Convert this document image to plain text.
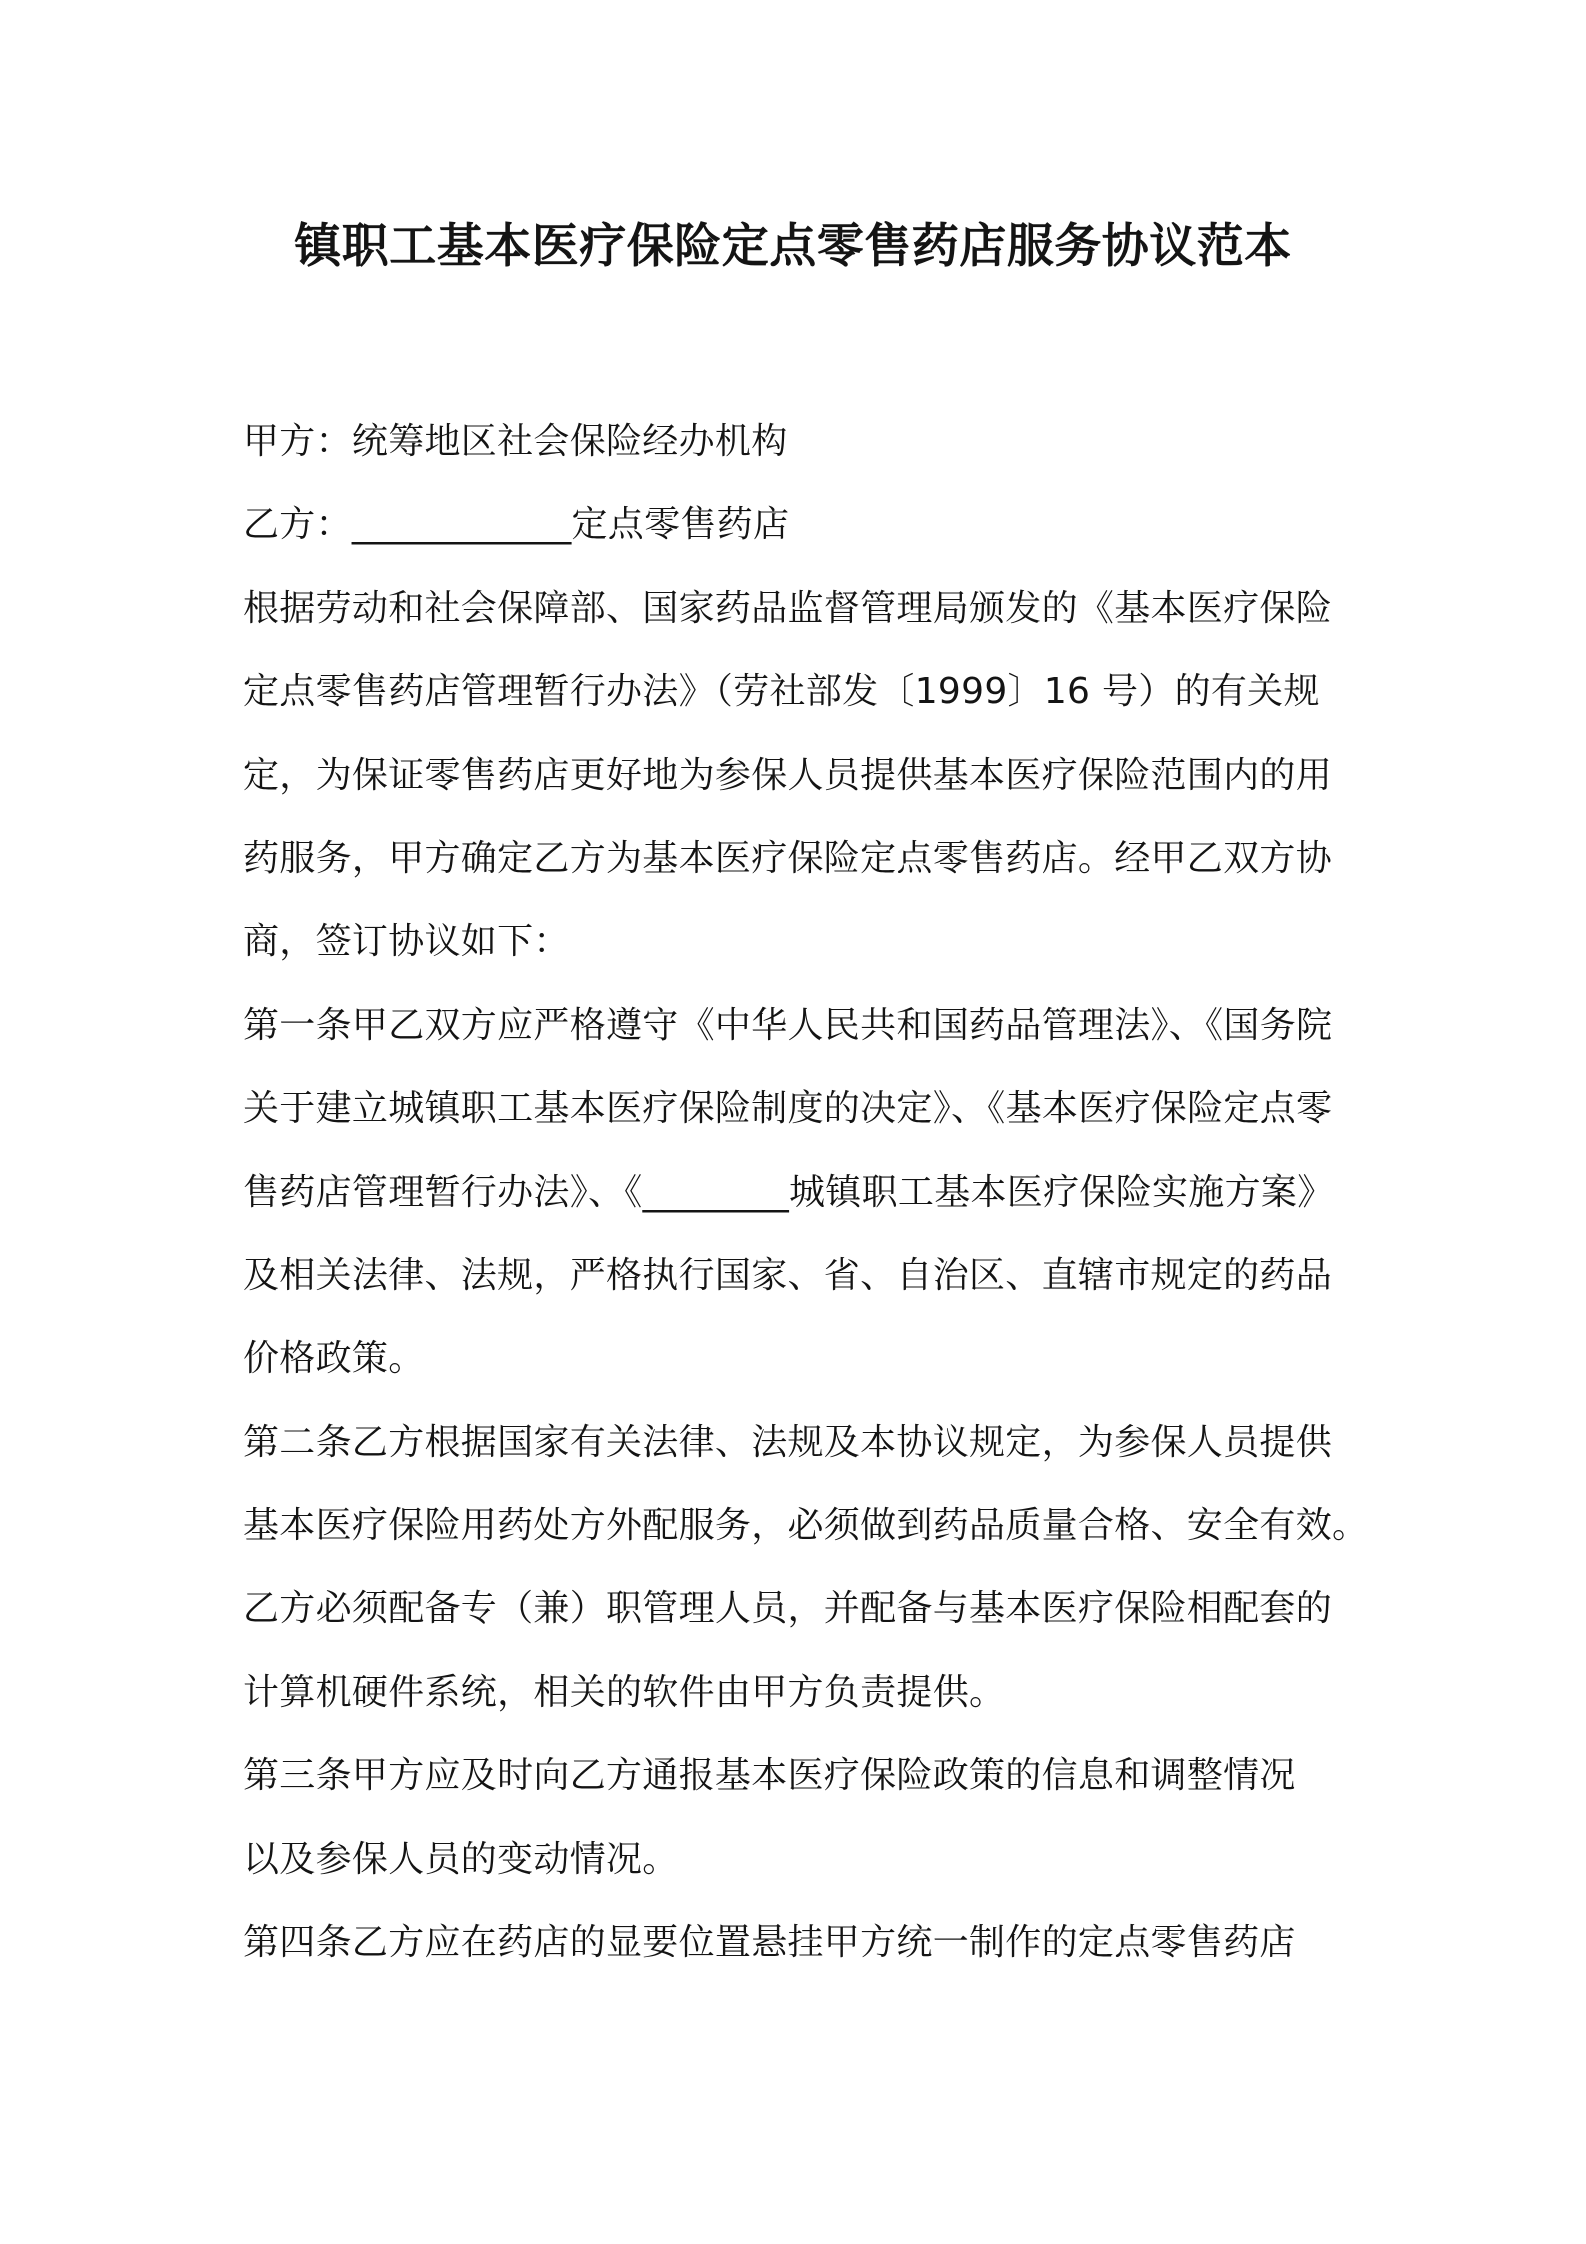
镇职工基本医疗保险定点零售药店服务协议范本
甲方：统筹地区社会保险经办机构
乙方：____________定点零售药店
根据劳动和社会保障部、国家药品监督管理局颁发的《基本医疗保险
定点零售药店管理暂行办法》（劳社部发〔1999〕16 号）的有关规
定，为保证零售药店更好地为参保人员提供基本医疗保险范围内的用
药服务，甲方确定乙方为基本医疗保险定点零售药店。经甲乙双方协
商，签订协议如下：
第一条甲乙双方应严格遵守《中华人民共和国药品管理法》、《国务院
关于建立城镇职工基本医疗保险制度的决定》、《基本医疗保险定点零
售药店管理暂行办法》、《________城镇职工基本医疗保险实施方案》
及相关法律、法规，严格执行国家、省、自治区、直辖市规定的药品
价格政策。
第二条乙方根据国家有关法律、法规及本协议规定，为参保人员提供
基本医疗保险用药处方外配服务，必须做到药品质量合格、安全有效。
乙方必须配备专（兼）职管理人员，并配备与基本医疗保险相配套的
计算机硬件系统，相关的软件由甲方负责提供。
第三条甲方应及时向乙方通报基本医疗保险政策的信息和调整情况
以及参保人员的变动情况。
第四条乙方应在药店的显要位置悬挂甲方统一制作的定点零售药店
